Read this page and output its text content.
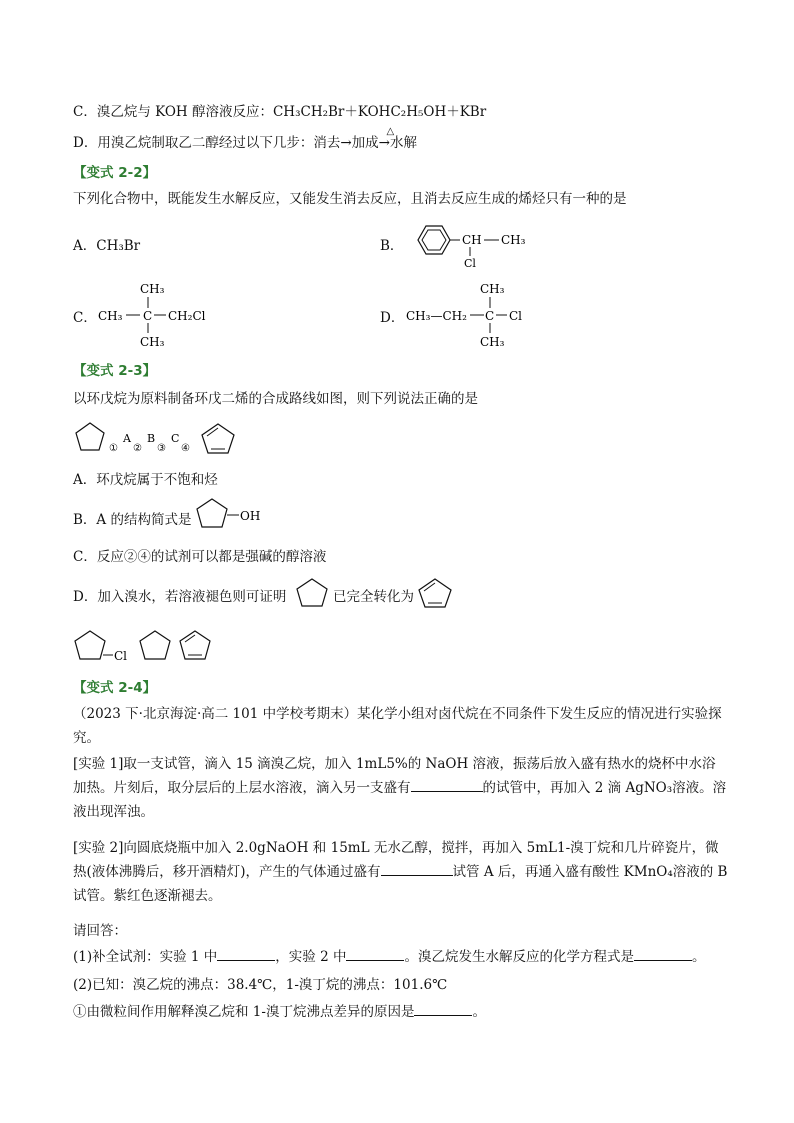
C．溴乙烷与 KOH 醇溶液反应：CH₃CH₂Br＋KOH
△
C₂H₅OH＋KBr
D．用溴乙烷制取乙二醇经过以下几步：消去→加成→水解
【变式 2-2】
下列化合物中，既能发生水解反应，又能发生消去反应，且消去反应生成的烯烃只有一种的是
A．CH₃Br	B．	CH CH₃
Cl
C．
CH₃
CH₃ C CH₂Cl
CH₃
D． CH₃—CH₂ C
CH₃
Cl
CH₃
【变式 2-3】
以环戊烷为原料制备环戊二烯的合成路线如图，则下列说法正确的是
①
A
②
B
③
C
④
A．环戊烷属于不饱和烃
B．A 的结构简式是	OH
C．反应②④的试剂可以都是强碱的醇溶液
D．加入溴水，若溶液褪色则可证明	已完全转化为
Cl
【变式 2-4】
（2023 下·北京海淀·高二 101 中学校考期末）某化学小组对卤代烷在不同条件下发生反应的情况进行实验探究。
[实验 1]取一支试管，滴入 15 滴溴乙烷，加入 1mL5%的 NaOH 溶液，振荡后放入盛有热水的烧杯中水浴加热。片刻后，取分层后的上层水溶液，滴入另一支盛有	的试管中，再加入 2 滴 AgNO₃溶液。溶液出现浑浊。
[实验 2]向圆底烧瓶中加入 2.0gNaOH 和 15mL 无水乙醇，搅拌，再加入 5mL1-溴丁烷和几片碎瓷片，微热(液体沸腾后，移开酒精灯)，产生的气体通过盛有	试管 A 后，再通入盛有酸性 KMnO₄溶液的 B 试管。紫红色逐渐褪去。
请回答：
(1)补全试剂：实验 1 中	，实验 2 中	。溴乙烷发生水解反应的化学方程式是	。
(2)已知：溴乙烷的沸点：38.4℃，1-溴丁烷的沸点：101.6℃
①由微粒间作用解释溴乙烷和 1-溴丁烷沸点差异的原因是	。
